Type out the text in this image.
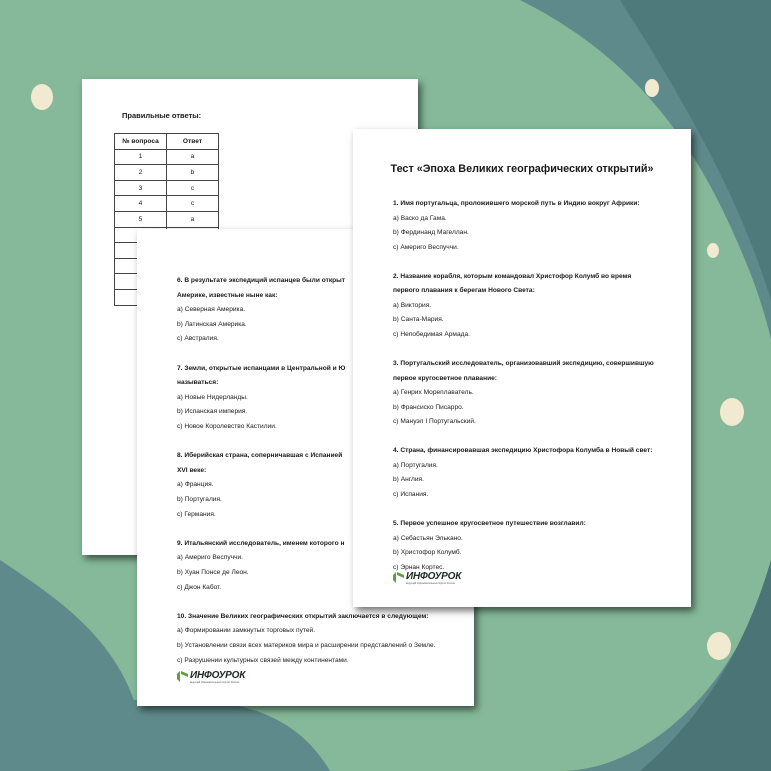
Правильные ответы:
№ вопроса	Ответ
1	a
2	b
3	c
4	c
5	a

6. В результате экспедиций испанцев были открыт
Америке, известные ныне как:
a) Северная Америка.
b) Латинская Америка.
c) Австралия.
7. Земли, открытые испанцами в Центральной и Ю
называться:
a) Новые Нидерланды.
b) Испанская империя.
c) Новое Королевство Кастилии.
8. Иберийская страна, соперничавшая с Испанией
XVI веке:
a) Франция.
b) Португалия.
c) Германия.
9. Итальянский исследователь, именем которого н
a) Америго Веспуччи.
b) Хуан Понсе де Леон.
c) Джон Кабот.
10. Значение Великих географических открытий заключается в следующем:
a) Формировании замкнутых торговых путей.
b) Установлении связи всех материков мира и расширении представлений о Земле.
c) Разрушении культурных связей между континентами.
ИНФОУРОК
ведущий образовательный портал России
Тест «Эпоха Великих географических открытий»
1. Имя португальца, проложившего морской путь в Индию вокруг Африки:
a) Васко да Гама.
b) Фердинанд Магеллан.
c) Америго Веспуччи.
2. Название корабля, которым командовал Христофор Колумб во время
первого плавания к берегам Нового Света:
a) Виктория.
b) Санта-Мария.
c) Непобедимая Армада.
3. Португальский исследователь, организовавший экспедицию, совершившую
первое кругосветное плавание:
a) Генрих Мореплаватель.
b) Франсиско Писарро.
c) Мануэл I Португальский.
4. Страна, финансировавшая экспедицию Христофора Колумба в Новый свет:
a) Португалия.
b) Англия.
c) Испания.
5. Первое успешное кругосветное путешествие возглавил:
a) Себастьян Элькано.
b) Христофор Колумб.
c) Эрнан Кортес.
ИНФОУРОК
ведущий образовательный портал России
